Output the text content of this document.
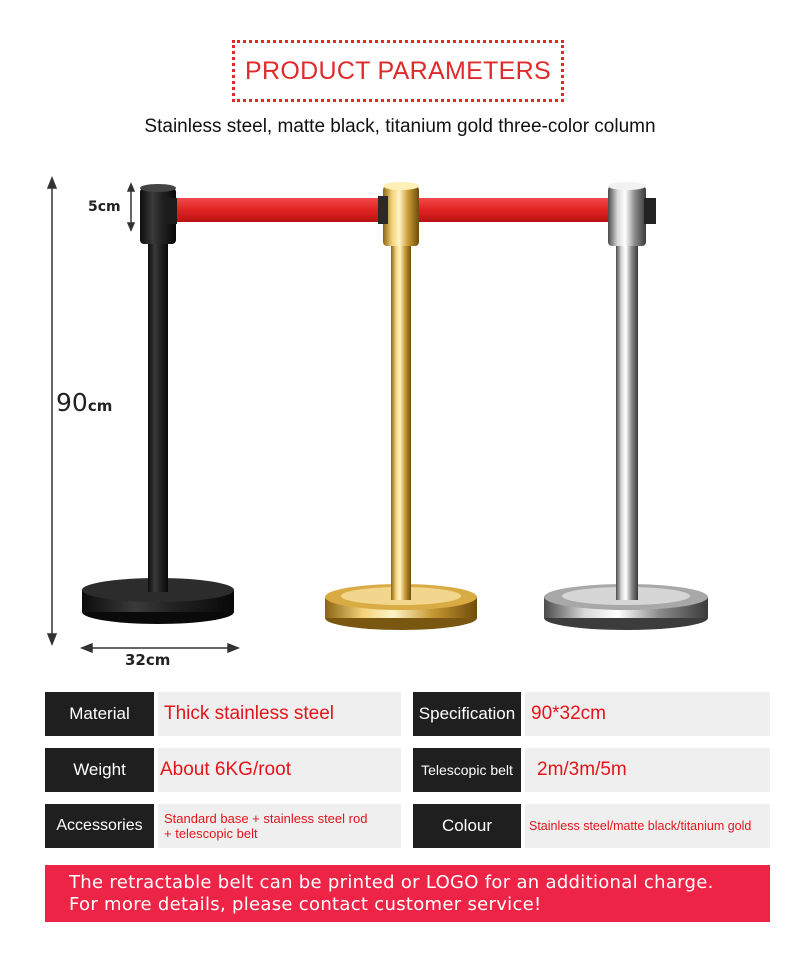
PRODUCT PARAMETERS
Stainless steel, matte black, titanium gold three-color column
5cm
90cm
32cm
Material	Thick stainless steel	Specification 90*32cm
Weight	About 6KG/root	Telescopic belt	2m/3m/5m
Accessories	Standard base + stainless steel rod
+ telescopic belt	Colour	Stainless steel/matte black/titanium gold
The retractable belt can be printed or LOGO for an additional charge.
For more details, please contact customer service!
